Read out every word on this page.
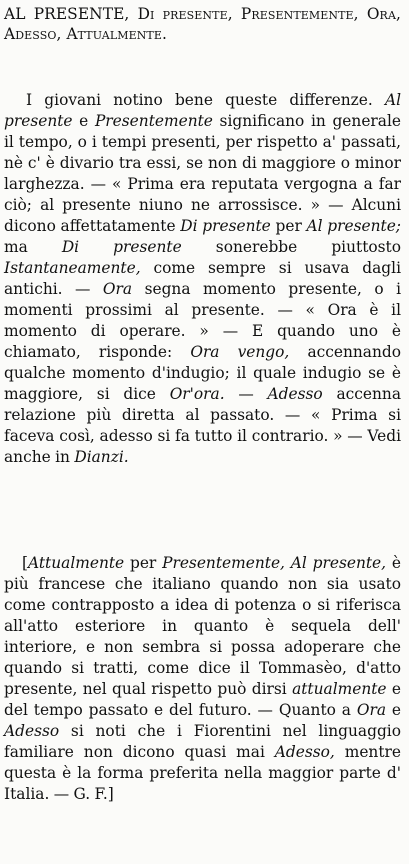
AL PRESENTE, Di presente, Presentemente, Ora, Adesso, Attualmente.

I giovani notino bene queste differenze. Al presente e Presentemente significano in generale il tempo, o i tempi presenti, per rispetto a' passati, nè c' è divario tra essi, se non di maggiore o minor larghezza. — « Prima era reputata vergogna a far ciò; al presente niuno ne arrossisce. » — Alcuni dicono affettatamente Di presente per Al presente; ma Di presente sonerebbe piuttosto Istantaneamente, come sempre si usava dagli antichi. — Ora segna momento presente, o i momenti prossimi al presente. — « Ora è il momento di operare. » — E quando uno è chiamato, risponde: Ora vengo, accennando qualche momento d'indugio; il quale indugio se è maggiore, si dice Or'ora. — Adesso accenna relazione più diretta al passato. — « Prima si faceva così, adesso si fa tutto il contrario. » — Vedi anche in Dianzi.

[Attualmente per Presentemente, Al presente, è più francese che italiano quando non sia usato come contrapposto a idea di potenza o si riferisca all'atto esteriore in quanto è sequela dell' interiore, e non sembra si possa adoperare che quando si tratti, come dice il Tommasèo, d'atto presente, nel qual rispetto può dirsi attualmente e del tempo passato e del futuro. — Quanto a Ora e Adesso si noti che i Fiorentini nel linguaggio familiare non dicono quasi mai Adesso, mentre questa è la forma preferita nella maggior parte d' Italia. — G. F.]
